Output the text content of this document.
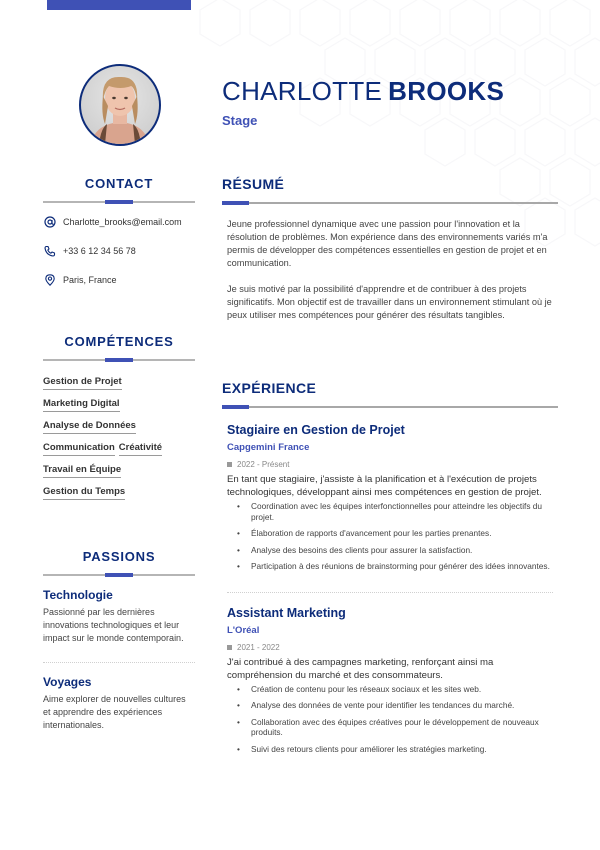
CHARLOTTE BROOKS
Stage
CONTACT
Charlotte_brooks@email.com
+33 6 12 34 56 78
Paris, France
COMPÉTENCES
Gestion de Projet
Marketing Digital
Analyse de Données
Communication Créativité
Travail en Équipe
Gestion du Temps
PASSIONS
Technologie
Passionné par les dernières innovations technologiques et leur impact sur le monde contemporain.
Voyages
Aime explorer de nouvelles cultures et apprendre des expériences internationales.
RÉSUMÉ

Jeune professionnel dynamique avec une passion pour l'innovation et la résolution de problèmes. Mon expérience dans des environnements variés m'a permis de développer des compétences essentielles en gestion de projet et en communication.

Je suis motivé par la possibilité d'apprendre et de contribuer à des projets significatifs. Mon objectif est de travailler dans un environnement stimulant où je peux utiliser mes compétences pour générer des résultats tangibles.

EXPÉRIENCE
Stagiaire en Gestion de Projet
Capgemini France
2022 - Présent
En tant que stagiaire, j'assiste à la planification et à l'exécution de projets technologiques, développant ainsi mes compétences en gestion de projet.
• Coordination avec les équipes interfonctionnelles pour atteindre les objectifs du projet.
• Élaboration de rapports d'avancement pour les parties prenantes.
• Analyse des besoins des clients pour assurer la satisfaction.
• Participation à des réunions de brainstorming pour générer des idées innovantes.
Assistant Marketing
L'Oréal
2021 - 2022
J'ai contribué à des campagnes marketing, renforçant ainsi ma compréhension du marché et des consommateurs.
• Création de contenu pour les réseaux sociaux et les sites web.
• Analyse des données de vente pour identifier les tendances du marché.
• Collaboration avec des équipes créatives pour le développement de nouveaux produits.
• Suivi des retours clients pour améliorer les stratégies marketing.
